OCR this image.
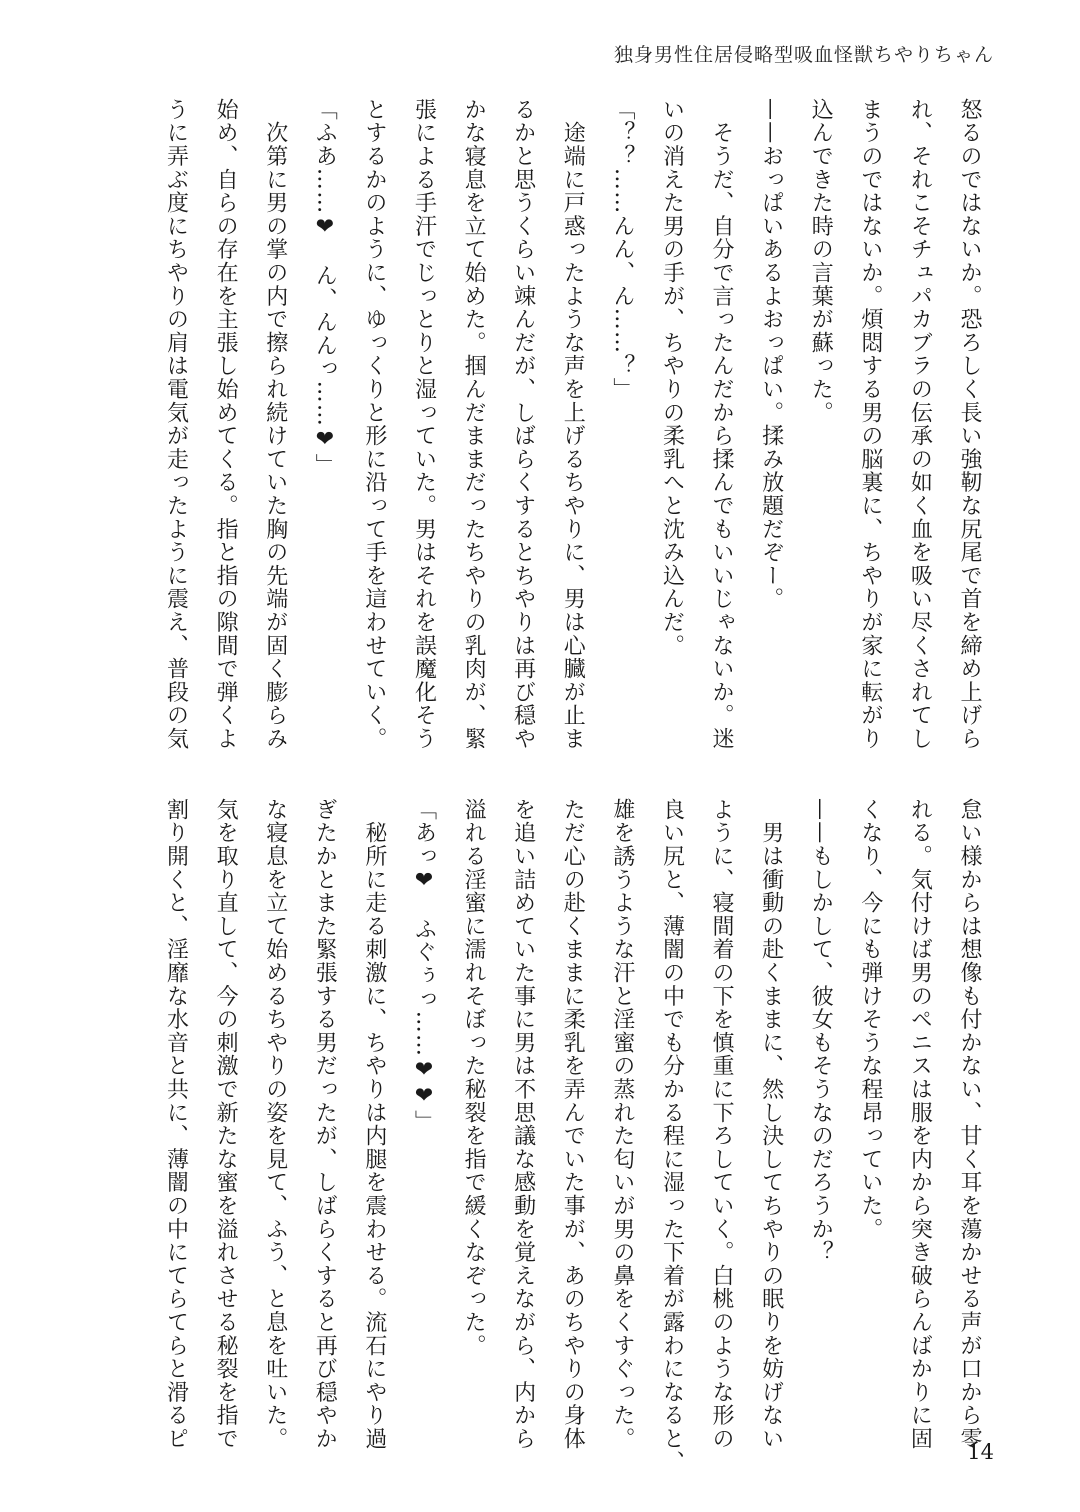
独身男性住居侵略型吸血怪獣ちやりちゃん
怒るのではないか。恐ろしく長い強靭な尻尾で首を締め上げら
れ、それこそチュパカブラの伝承の如く血を吸い尽くされてし
まうのではないか。煩悶する男の脳裏に、ちやりが家に転がり
込んできた時の言葉が蘇った。
——おっぱいあるよおっぱい。揉み放題だぞー。
　そうだ、自分で言ったんだから揉んでもいいじゃないか。迷
いの消えた男の手が、ちやりの柔乳へと沈み込んだ。
「？？……んん、ん……？」
　途端に戸惑ったような声を上げるちやりに、男は心臓が止ま
るかと思うくらい竦んだが、しばらくするとちやりは再び穏や
かな寝息を立て始めた。掴んだままだったちやりの乳肉が、緊
張による手汗でじっとりと湿っていた。男はそれを誤魔化そう
とするかのように、ゆっくりと形に沿って手を這わせていく。
「ふあ……❤　ん、んんっ……❤」
　次第に男の掌の内で擦られ続けていた胸の先端が固く膨らみ
始め、自らの存在を主張し始めてくる。指と指の隙間で弾くよ
うに弄ぶ度にちやりの肩は電気が走ったように震え、普段の気
怠い様からは想像も付かない、甘く耳を蕩かせる声が口から零
れる。気付けば男のペニスは服を内から突き破らんばかりに固
くなり、今にも弾けそうな程昂っていた。
——もしかして、彼女もそうなのだろうか？
　男は衝動の赴くままに、然し決してちやりの眠りを妨げない
ように、寝間着の下を慎重に下ろしていく。白桃のような形の
良い尻と、薄闇の中でも分かる程に湿った下着が露わになると、
雄を誘うような汗と淫蜜の蒸れた匂いが男の鼻をくすぐった。
ただ心の赴くままに柔乳を弄んでいた事が、あのちやりの身体
を追い詰めていた事に男は不思議な感動を覚えながら、内から
溢れる淫蜜に濡れそぼった秘裂を指で緩くなぞった。
「あっ❤　ふぐぅっ……❤❤」
　秘所に走る刺激に、ちやりは内腿を震わせる。流石にやり過
ぎたかとまた緊張する男だったが、しばらくすると再び穏やか
な寝息を立て始めるちやりの姿を見て、ふう、と息を吐いた。
気を取り直して、今の刺激で新たな蜜を溢れさせる秘裂を指で
割り開くと、淫靡な水音と共に、薄闇の中にてらてらと滑るピ
14
